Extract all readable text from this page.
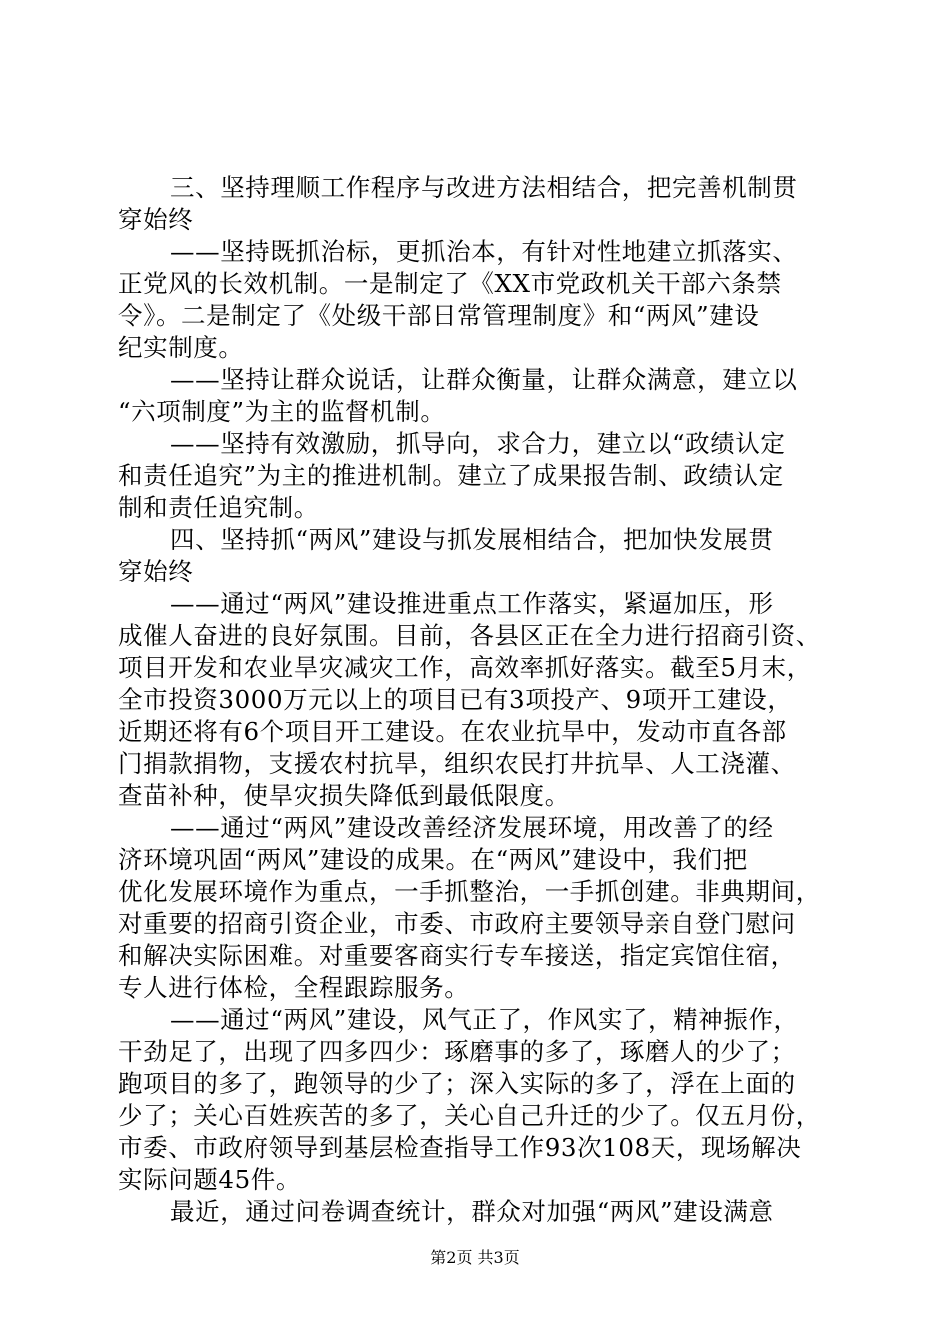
三、坚持理顺工作程序与改进方法相结合，把完善机制贯
穿始终
——坚持既抓治标，更抓治本，有针对性地建立抓落实、
正党风的长效机制。一是制定了《XX市党政机关干部六条禁
令》。二是制定了《处级干部日常管理制度》和“两风”建设
纪实制度。
——坚持让群众说话，让群众衡量，让群众满意，建立以
“六项制度”为主的监督机制。
——坚持有效激励，抓导向，求合力，建立以“政绩认定
和责任追究”为主的推进机制。建立了成果报告制、政绩认定
制和责任追究制。
四、坚持抓“两风”建设与抓发展相结合，把加快发展贯
穿始终
——通过“两风”建设推进重点工作落实，紧逼加压，形
成催人奋进的良好氛围。目前，各县区正在全力进行招商引资、
项目开发和农业旱灾减灾工作，高效率抓好落实。截至5月末，
全市投资3000万元以上的项目已有3项投产、9项开工建设，
近期还将有6个项目开工建设。在农业抗旱中，发动市直各部
门捐款捐物，支援农村抗旱，组织农民打井抗旱、人工浇灌、
查苗补种，使旱灾损失降低到最低限度。
——通过“两风”建设改善经济发展环境，用改善了的经
济环境巩固“两风”建设的成果。在“两风”建设中，我们把
优化发展环境作为重点，一手抓整治，一手抓创建。非典期间，
对重要的招商引资企业，市委、市政府主要领导亲自登门慰问
和解决实际困难。对重要客商实行专车接送，指定宾馆住宿，
专人进行体检，全程跟踪服务。
——通过“两风”建设，风气正了，作风实了，精神振作，
干劲足了，出现了四多四少：琢磨事的多了，琢磨人的少了；
跑项目的多了，跑领导的少了；深入实际的多了，浮在上面的
少了；关心百姓疾苦的多了，关心自己升迁的少了。仅五月份，
市委、市政府领导到基层检查指导工作93次108天，现场解决
实际问题45件。
最近，通过问卷调查统计，群众对加强“两风”建设满意
第2页 共3页
